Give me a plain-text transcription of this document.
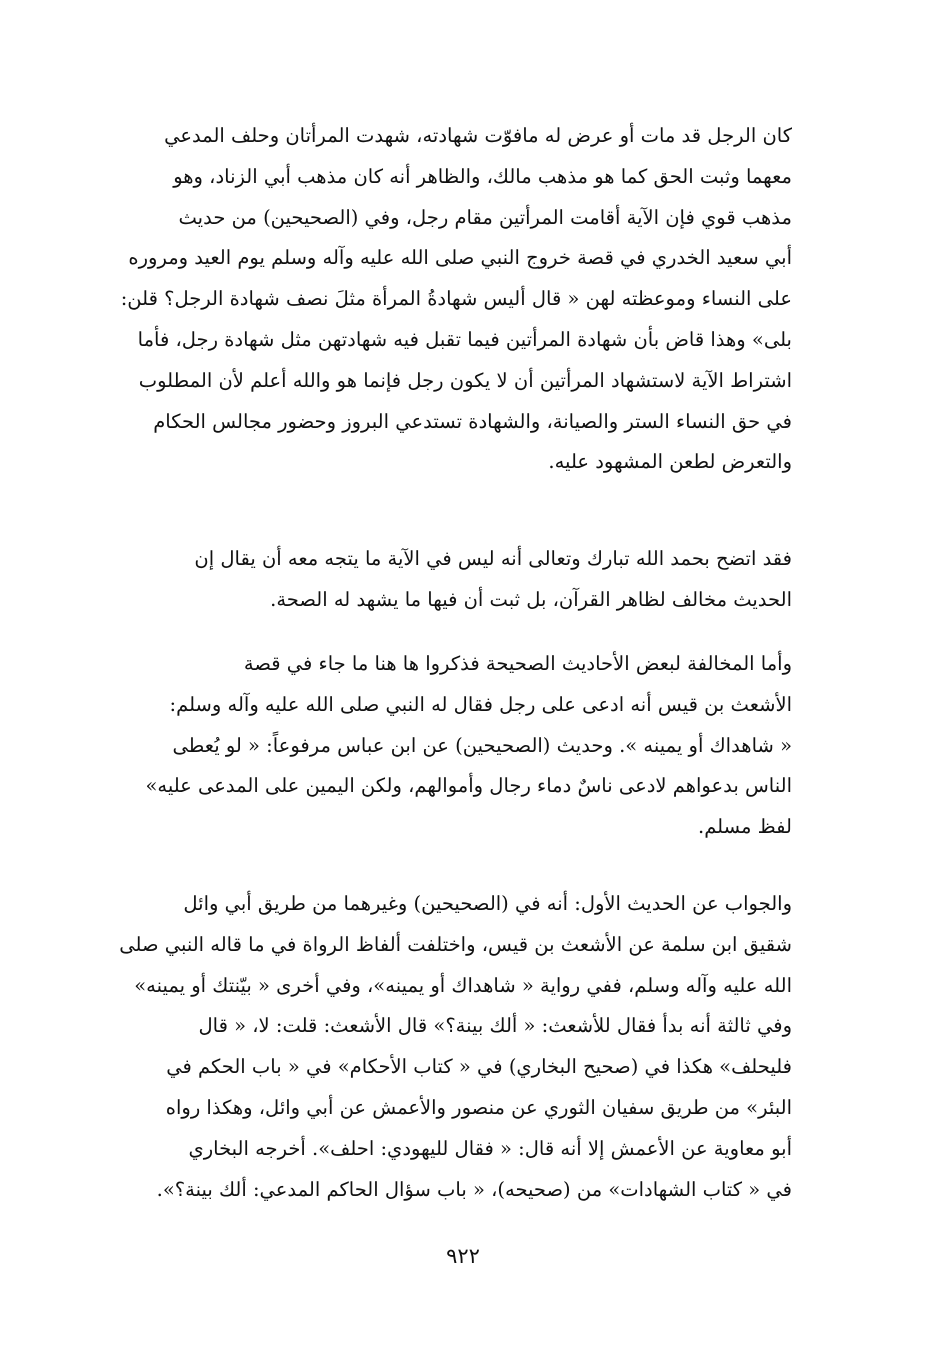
كان الرجل قد مات أو عرض له مافوّت شهادته، شهدت المرأتان وحلف المدعي
معهما وثبت الحق كما هو مذهب مالك، والظاهر أنه كان مذهب أبي الزناد، وهو
مذهب قوي فإن الآية أقامت المرأتين مقام رجل، وفي (الصحيحين) من حديث
أبي سعيد الخدري في قصة خروج النبي صلى الله عليه وآله وسلم يوم العيد ومروره
على النساء وموعظته لهن « قال أليس شهادةُ المرأة مثلَ نصف شهادة الرجل؟ قلن:
بلى» وهذا قاض بأن شهادة المرأتين فيما تقبل فيه شهادتهن مثل شهادة رجل، فأما
اشتراط الآية لاستشهاد المرأتين أن لا يكون رجل فإنما هو والله أعلم لأن المطلوب
في حق النساء الستر والصيانة، والشهادة تستدعي البروز وحضور مجالس الحكام
والتعرض لطعن المشهود عليه.
فقد اتضح بحمد الله تبارك وتعالى أنه ليس في الآية ما يتجه معه أن يقال إن
الحديث مخالف لظاهر القرآن، بل ثبت أن فيها ما يشهد له الصحة.
وأما المخالفة لبعض الأحاديث الصحيحة فذكروا ها هنا ما جاء في قصة
الأشعث بن قيس أنه ادعى على رجل فقال له النبي صلى الله عليه وآله وسلم:
« شاهداك أو يمينه ». وحديث (الصحيحين) عن ابن عباس مرفوعاً: « لو يُعطى
الناس بدعواهم لادعى ناسٌ دماء رجال وأموالهم، ولكن اليمين على المدعى عليه»
لفظ مسلم.
والجواب عن الحديث الأول: أنه في (الصحيحين) وغيرهما من طريق أبي وائل
شقيق ابن سلمة عن الأشعث بن قيس، واختلفت ألفاظ الرواة في ما قاله النبي صلى
الله عليه وآله وسلم، ففي رواية « شاهداك أو يمينه»، وفي أخرى « بيّنتك أو يمينه»
وفي ثالثة أنه بدأ فقال للأشعث: « ألك بينة؟» قال الأشعث: قلت: لا، « قال
فليحلف» هكذا في (صحيح البخاري) في « كتاب الأحكام» في « باب الحكم في
البئر» من طريق سفيان الثوري عن منصور والأعمش عن أبي وائل، وهكذا رواه
أبو معاوية عن الأعمش إلا أنه قال: « فقال لليهودي: احلف». أخرجه البخاري
في « كتاب الشهادات» من (صحيحه)، « باب سؤال الحاكم المدعي: ألك بينة؟».
٩٢٢
